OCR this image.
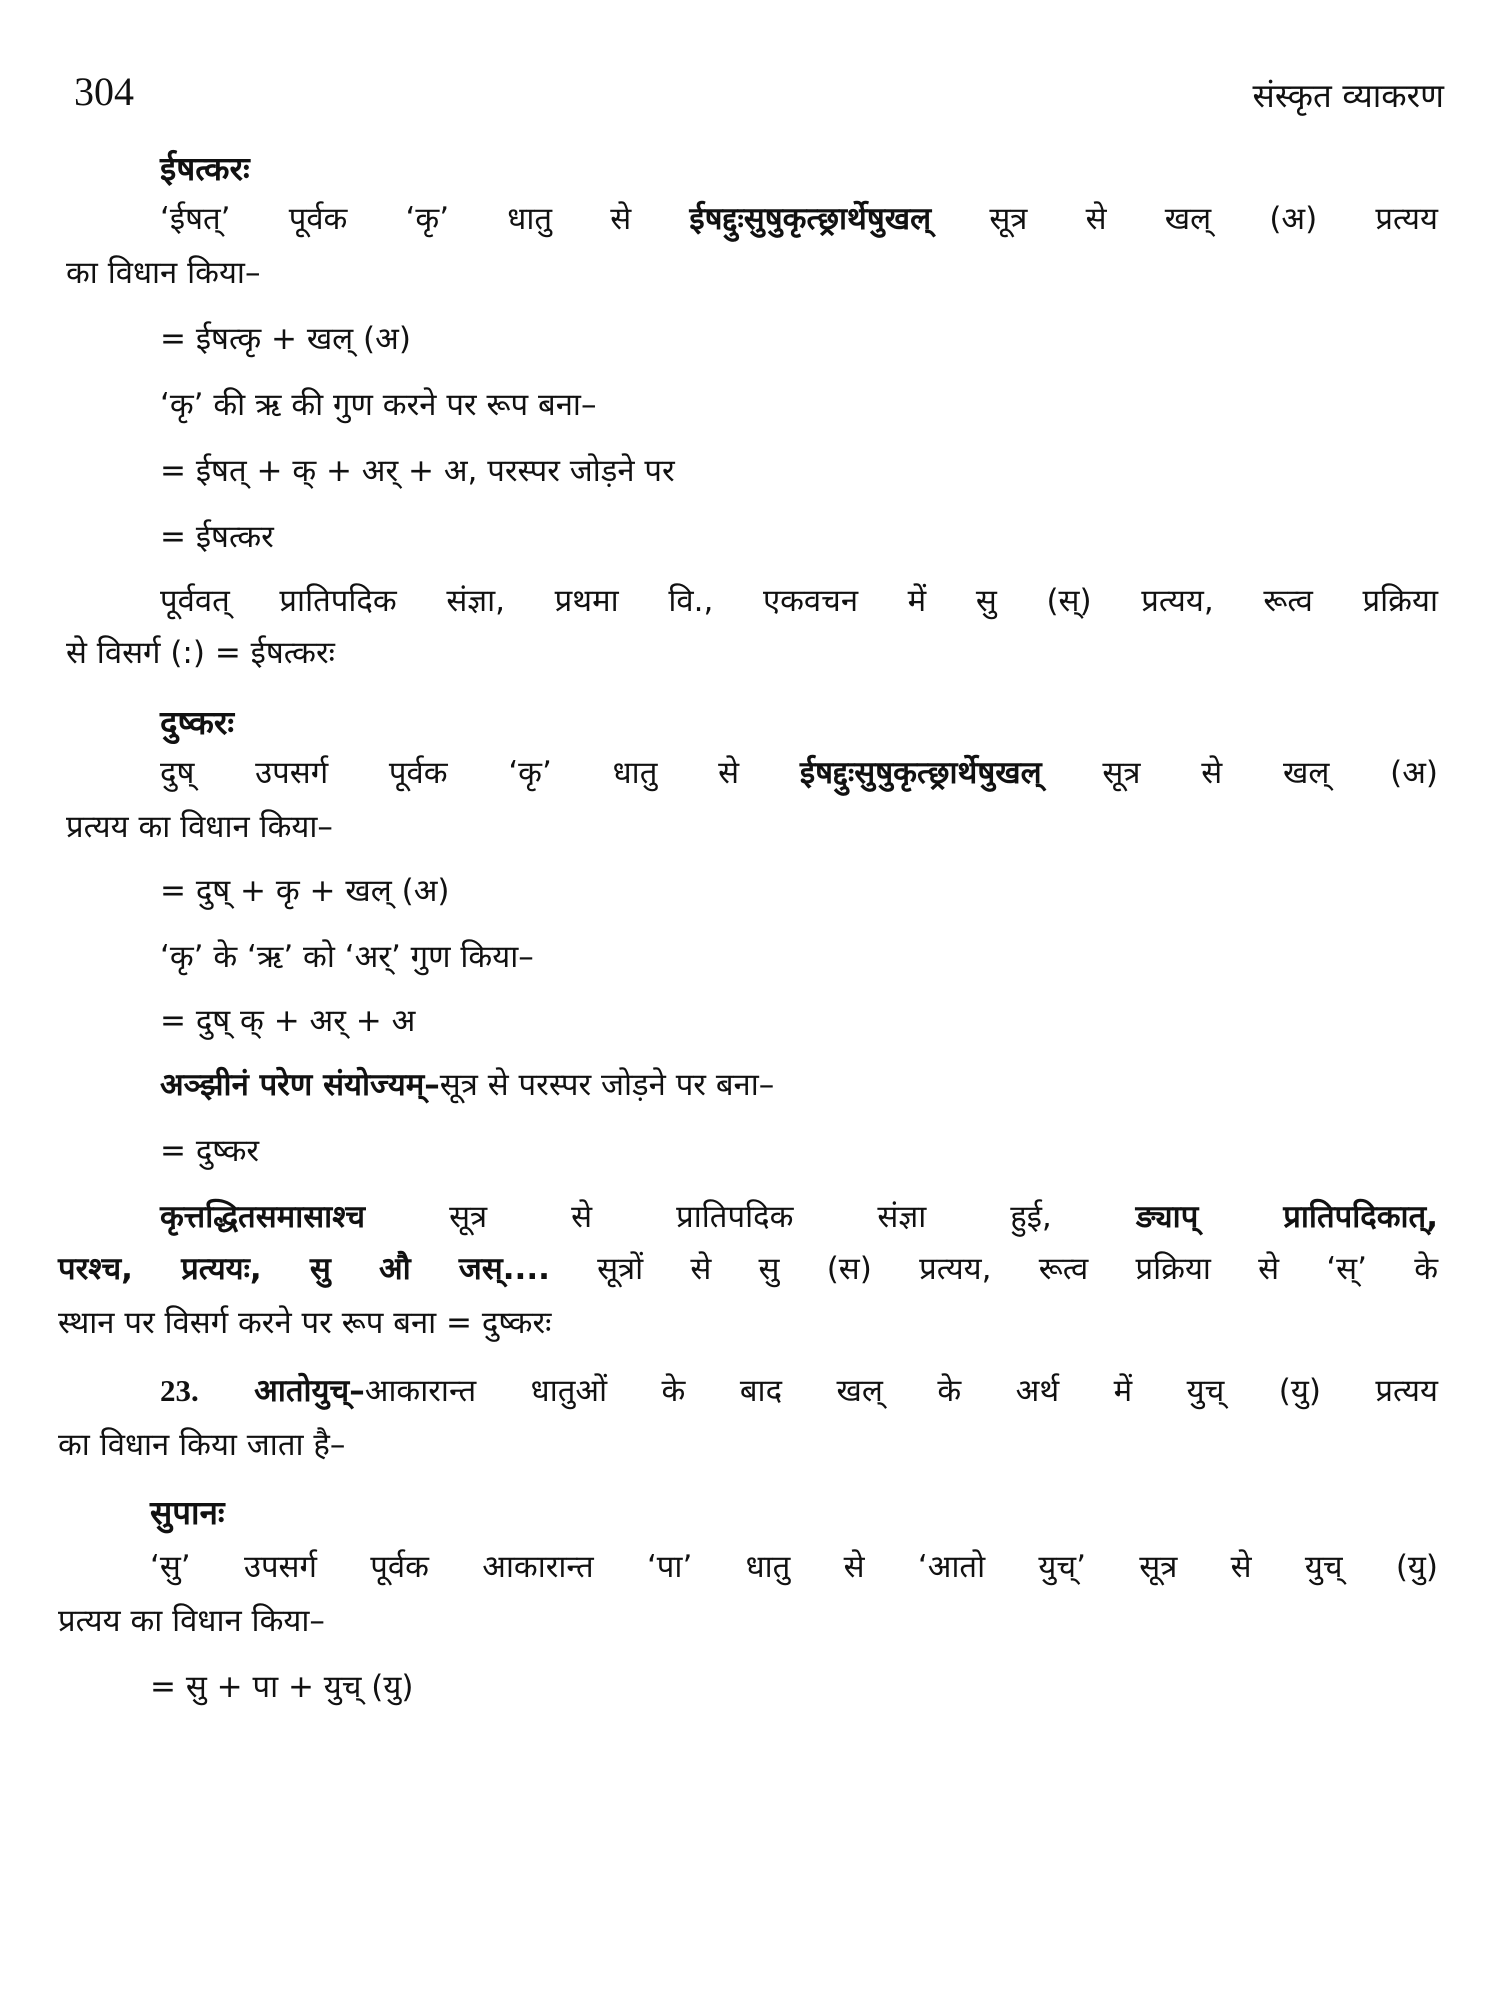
304	संस्कृत व्याकरण
ईषत्करः
‘ईषत्’ पूर्वक ‘कृ’ धातु से ईषद्दुःसुषुकृत्छ्रार्थेषुखल् सूत्र से खल् (अ) प्रत्यय
का विधान किया–
= ईषत्कृ + खल् (अ)
‘कृ’ की ऋ की गुण करने पर रूप बना–
= ईषत् + क् + अर् + अ, परस्पर जोड़ने पर
= ईषत्कर
पूर्ववत् प्रातिपदिक संज्ञा, प्रथमा वि., एकवचन में सु (स्) प्रत्यय, रूत्व प्रक्रिया
से विसर्ग (:) = ईषत्करः
दुष्करः
दुष् उपसर्ग पूर्वक ‘कृ’ धातु से ईषद्दुःसुषुकृत्छ्रार्थेषुखल् सूत्र से खल् (अ)
प्रत्यय का विधान किया–
= दुष् + कृ + खल् (अ)
‘कृ’ के ‘ऋ’ को ‘अर्’ गुण किया–
= दुष् क् + अर् + अ
अञ्झीनं परेण संयोज्यम्–सूत्र से परस्पर जोड़ने पर बना–
= दुष्कर
कृत्तद्धितसमासाश्च सूत्र से प्रातिपदिक संज्ञा हुई, ङ्याप् प्रातिपदिकात्,
परश्च, प्रत्ययः, सु औ जस्.... सूत्रों से सु (स) प्रत्यय, रूत्व प्रक्रिया से ‘स्’ के
स्थान पर विसर्ग करने पर रूप बना = दुष्करः
23. आतोयुच्–आकारान्त धातुओं के बाद खल् के अर्थ में युच् (यु) प्रत्यय
का विधान किया जाता है–
सुपानः
‘सु’ उपसर्ग पूर्वक आकारान्त ‘पा’ धातु से ‘आतो युच्’ सूत्र से युच् (यु)
प्रत्यय का विधान किया–
= सु + पा + युच् (यु)
